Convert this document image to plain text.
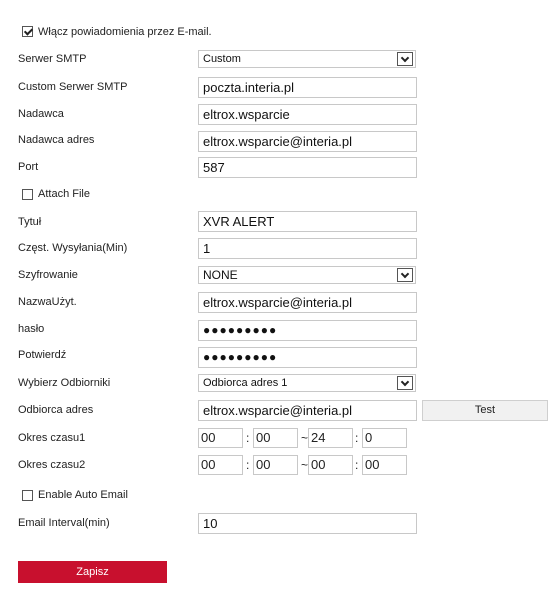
Włącz powiadomienia przez E-mail.
Serwer SMTP	Custom
Custom Serwer SMTP	poczta.interia.pl
Nadawca	eltrox.wsparcie
Nadawca adres	eltrox.wsparcie@interia.pl
Port	587
Attach File
Tytuł	XVR ALERT
Częst. Wysyłania(Min)	1
Szyfrowanie	NONE
NazwaUżyt.	eltrox.wsparcie@interia.pl
hasło	●●●●●●●●●
Potwierdź	●●●●●●●●●
Wybierz Odbiorniki	Odbiorca adres 1
Odbiorca adres	eltrox.wsparcie@interia.pl	Test
Okres czasu1	00	: 00	~ 24	: 0
Okres czasu2	00	: 00	~ 00	: 00
Enable Auto Email
Email Interval(min)	10
Zapisz
